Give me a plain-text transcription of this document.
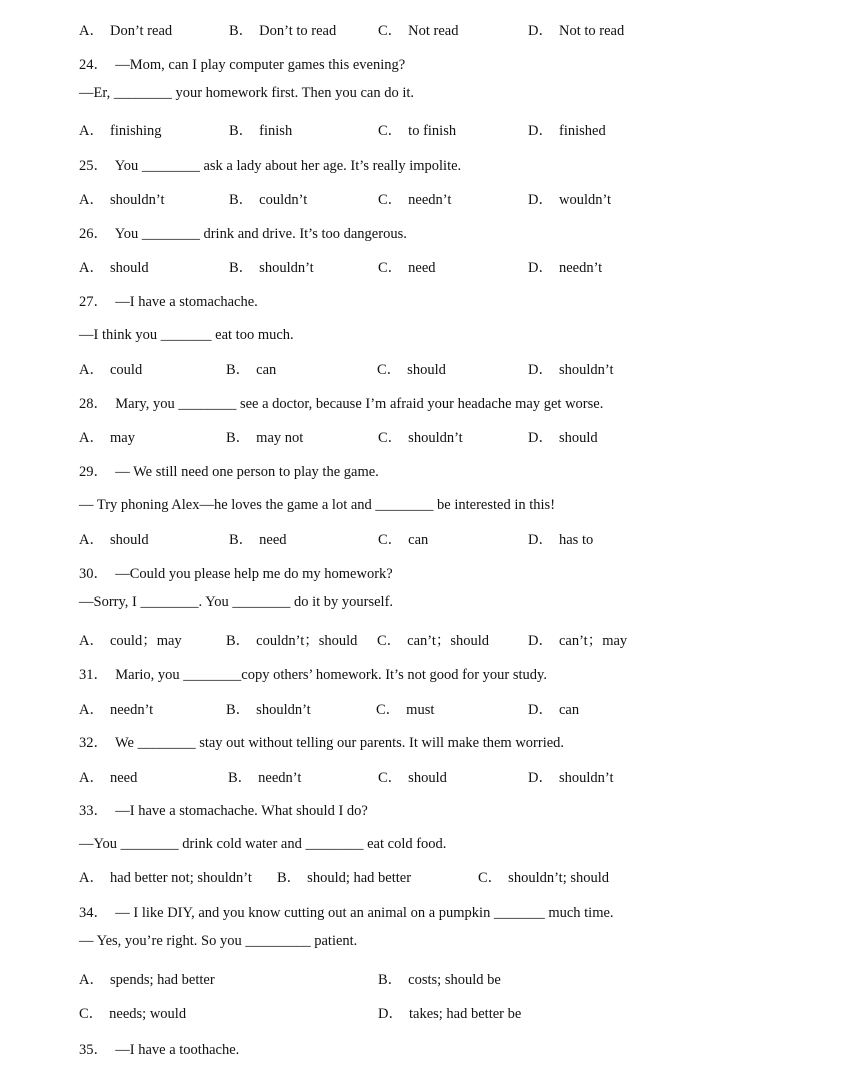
A． Don’t read	B． Don’t to read	C． Not read	D． Not to read
24．  —Mom, can I play computer games this evening?
—Er, ________ your homework first. Then you can do it.
A． finishing	B． finish	C． to finish	D． finished
25．  You ________ ask a lady about her age. It’s really impolite.
A． shouldn’t	B． couldn’t	C． needn’t	D． wouldn’t
26．  You ________ drink and drive. It’s too dangerous.
A． should	B． shouldn’t	C． need	D． needn’t
27．  —I have a stomachache.
—I think you _______ eat too much.
A． could	B． can	C． should	D． shouldn’t
28．  Mary, you ________ see a doctor, because I’m afraid your headache may get worse.
A． may	B． may not	C． shouldn’t	D． should
29．  — We still need one person to play the game.
— Try phoning Alex—he loves the game a lot and ________ be interested in this!
A． should	B． need	C． can	D． has to
30．  —Could you please help me do my homework?
—Sorry, I ________. You ________ do it by yourself.
A． could；may	B． couldn’t；should C． can’t；should	D． can’t；may
31．  Mario, you ________copy others’ homework. It’s not good for your study.
A． needn’t	B． shouldn’t	C． must	D． can
32．  We ________ stay out without telling our parents. It will make them worried.
A． need	B． needn’t	C． should	D． shouldn’t
33．  —I have a stomachache. What should I do?
—You ________ drink cold water and ________ eat cold food.
A． had better not; shouldn’t B． should; had better	C． shouldn’t; should
34．  — I like DIY, and you know cutting out an animal on a pumpkin _______ much time.
— Yes, you’re right. So you _________ patient.
A． spends; had better	B． costs; should be
C． needs; would	D． takes; had better be
35．  —I have a toothache.
